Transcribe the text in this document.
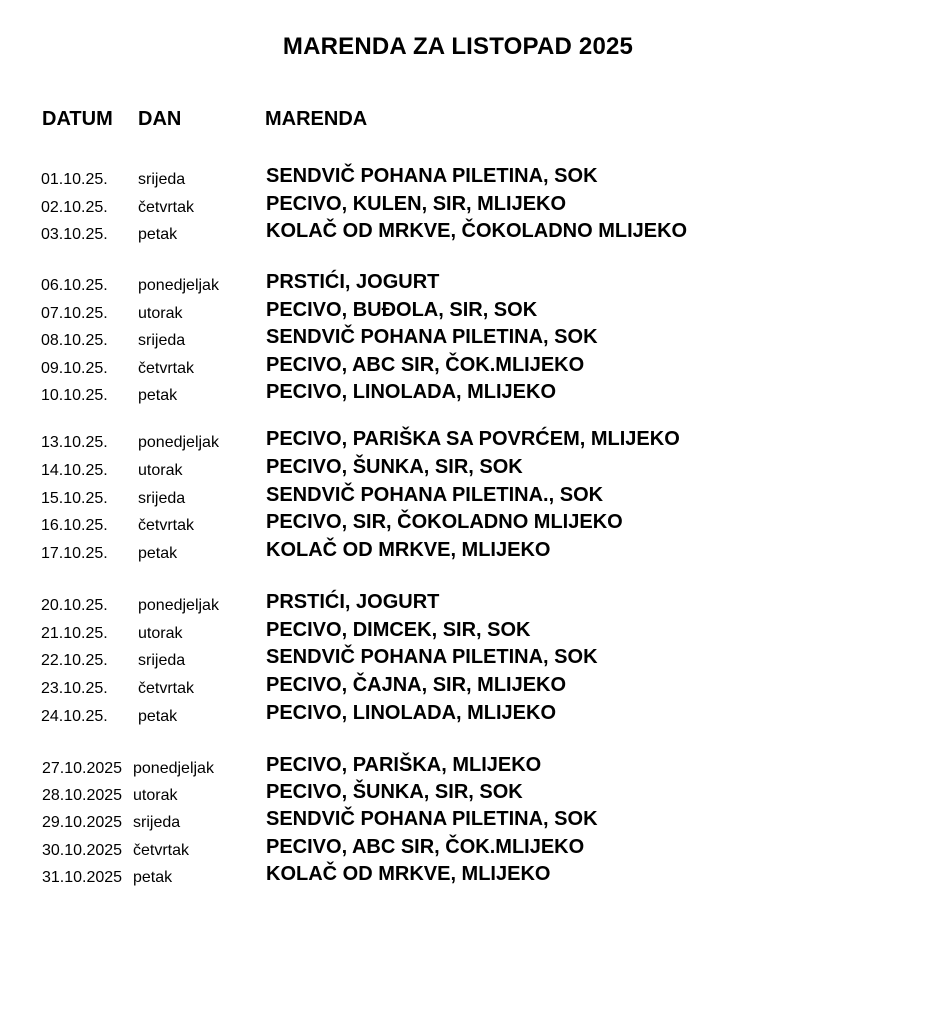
MARENDA ZA LISTOPAD 2025
DATUM DAN	MARENDA
01.10.25. srijeda	SENDVIČ POHANA PILETINA, SOK
02.10.25. četvrtak	PECIVO, KULEN, SIR, MLIJEKO
03.10.25. petak	KOLAČ OD MRKVE, ČOKOLADNO MLIJEKO
06.10.25. ponedjeljak PRSTIĆI, JOGURT
07.10.25. utorak	PECIVO, BUĐOLA, SIR, SOK
08.10.25. srijeda	SENDVIČ POHANA PILETINA, SOK
09.10.25. četvrtak	PECIVO, ABC SIR, ČOK.MLIJEKO
10.10.25. petak	PECIVO, LINOLADA, MLIJEKO
13.10.25. ponedjeljak PECIVO, PARIŠKA SA POVRĆEM, MLIJEKO
14.10.25. utorak	PECIVO, ŠUNKA, SIR, SOK
15.10.25. srijeda	SENDVIČ POHANA PILETINA., SOK
16.10.25. četvrtak	PECIVO, SIR, ČOKOLADNO MLIJEKO
17.10.25. petak	KOLAČ OD MRKVE, MLIJEKO
20.10.25. ponedjeljak PRSTIĆI, JOGURT
21.10.25. utorak	PECIVO, DIMCEK, SIR, SOK
22.10.25. srijeda	SENDVIČ POHANA PILETINA, SOK
23.10.25. četvrtak	PECIVO, ČAJNA, SIR, MLIJEKO
24.10.25. petak	PECIVO, LINOLADA, MLIJEKO
27.10.2025 ponedjeljak	PECIVO, PARIŠKA, MLIJEKO
28.10.2025 utorak	PECIVO, ŠUNKA, SIR, SOK
29.10.2025 srijeda	SENDVIČ POHANA PILETINA, SOK
30.10.2025 četvrtak	PECIVO, ABC SIR, ČOK.MLIJEKO
31.10.2025 petak	KOLAČ OD MRKVE, MLIJEKO
